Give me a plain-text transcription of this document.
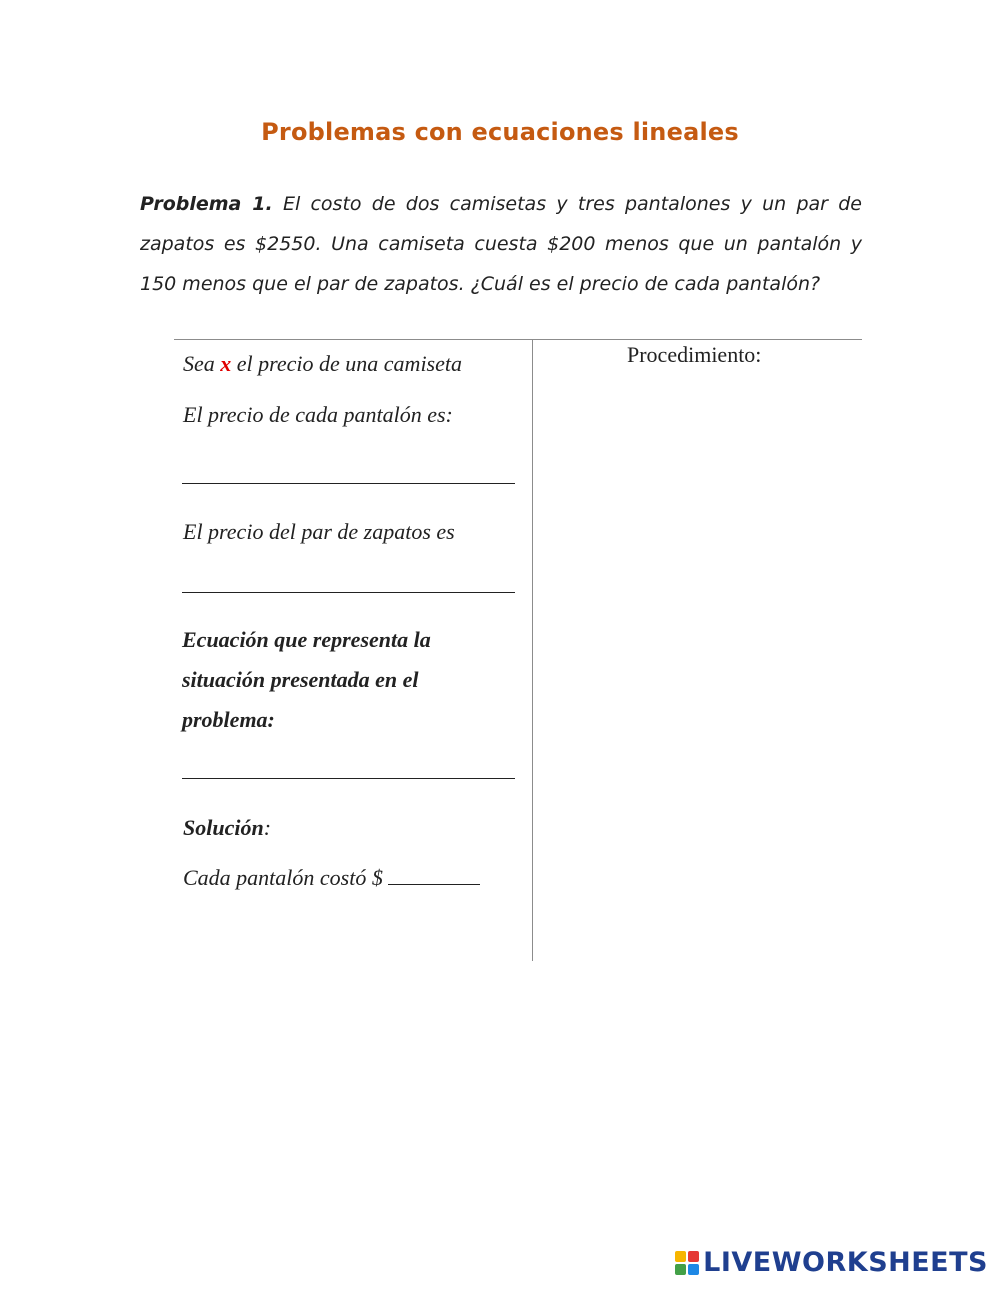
Problemas con ecuaciones lineales
Problema 1. El costo de dos camisetas y tres pantalones y un par de zapatos es $2550. Una camiseta cuesta $200 menos que un pantalón y 150 menos que el par de zapatos. ¿Cuál es el precio de cada pantalón?
Procedimiento:
Sea x el precio de una camiseta
El precio de cada pantalón es:
El precio del par de zapatos es
Ecuación que representa la
situación presentada en el
problema:
Solución:
Cada pantalón costó $
LIVEWORKSHEETS
